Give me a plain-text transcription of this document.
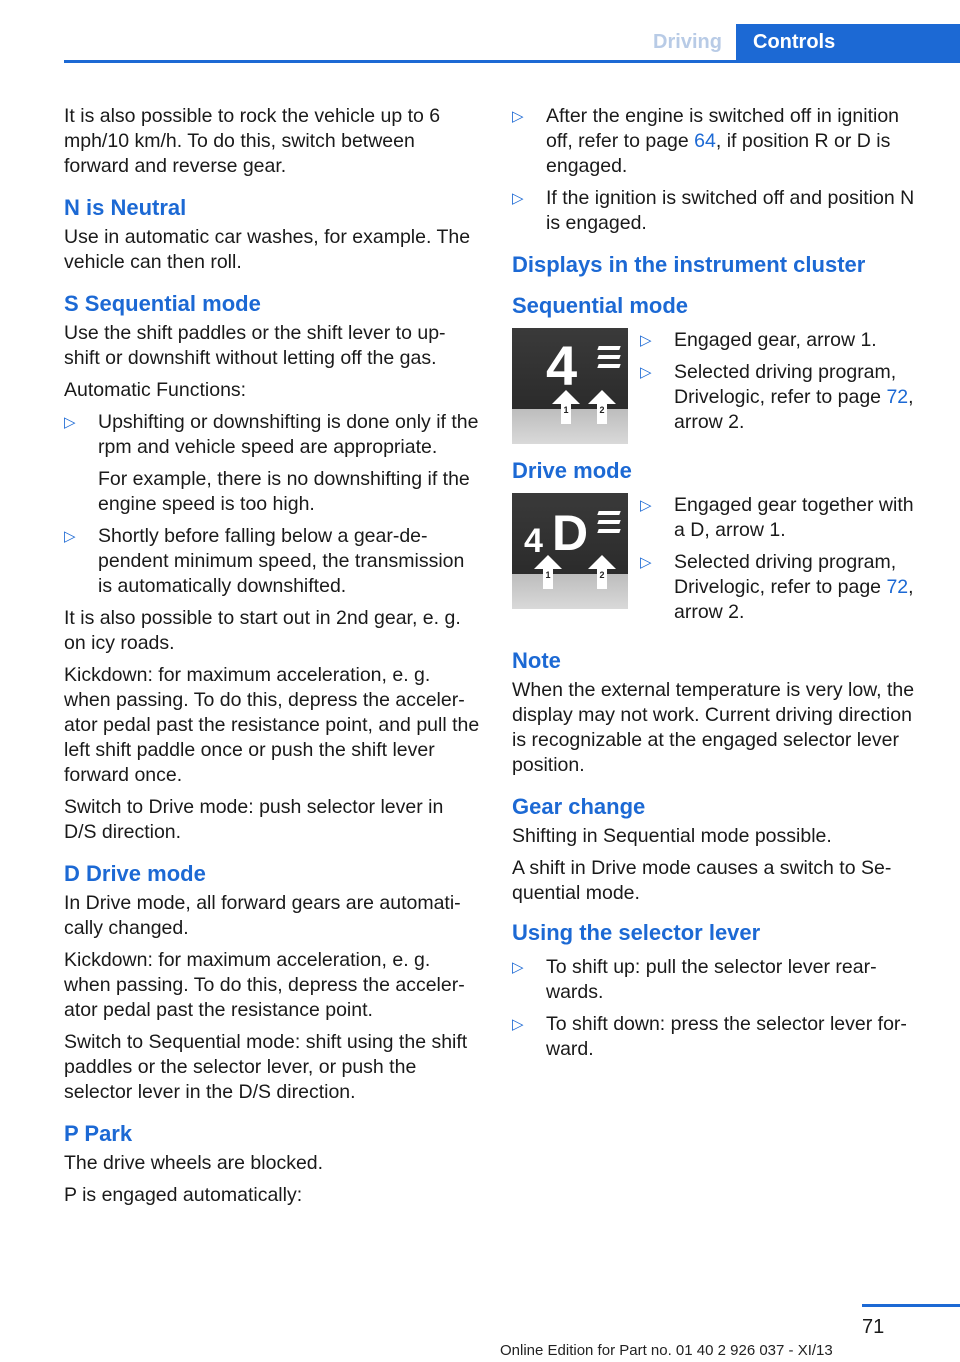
Driving	Controls

It is also possible to rock the vehicle up to 6 mph/10 km/h. To do this, switch between forward and reverse gear.

N is Neutral

Use in automatic car washes, for example. The vehicle can then roll.

S Sequential mode

Use the shift paddles or the shift lever to up-shift or downshift without letting off the gas.

Automatic Functions:

▷ Upshifting or downshifting is done only if the rpm and vehicle speed are appropriate.
For example, there is no downshifting if the engine speed is too high.
▷ Shortly before falling below a gear-de-pendent minimum speed, the transmission is automatically downshifted.

It is also possible to start out in 2nd gear, e. g. on icy roads.

Kickdown: for maximum acceleration, e. g. when passing. To do this, depress the acceler-ator pedal past the resistance point, and pull the left shift paddle once or push the shift lever forward once.

Switch to Drive mode: push selector lever in D/S direction.

D Drive mode

In Drive mode, all forward gears are automati-cally changed.

Kickdown: for maximum acceleration, e. g. when passing. To do this, depress the acceler-ator pedal past the resistance point.

Switch to Sequential mode: shift using the shift paddles or the selector lever, or push the selector lever in the D/S direction.

P Park

The drive wheels are blocked.

P is engaged automatically:

▷ After the engine is switched off in ignition off, refer to page 64, if position R or D is engaged.
▷ If the ignition is switched off and position N is engaged.
Displays in the instrument cluster
Sequential mode
4
1	2
▷ Engaged gear, arrow 1.
▷ Selected driving program, Drivelogic, refer to page 72, arrow 2.
Drive mode
4 D
1	2
▷ Engaged gear together with a D, arrow 1.
▷ Selected driving program, Drivelogic, refer to page 72, arrow 2.
Note

When the external temperature is very low, the display may not work. Current driving direction is recognizable at the engaged selector lever position.

Gear change

Shifting in Sequential mode possible.

A shift in Drive mode causes a switch to Se-quential mode.

Using the selector lever
▷ To shift up: pull the selector lever rear-wards.
▷ To shift down: press the selector lever for-ward.
71
Online Edition for Part no. 01 40 2 926 037 - XI/13
